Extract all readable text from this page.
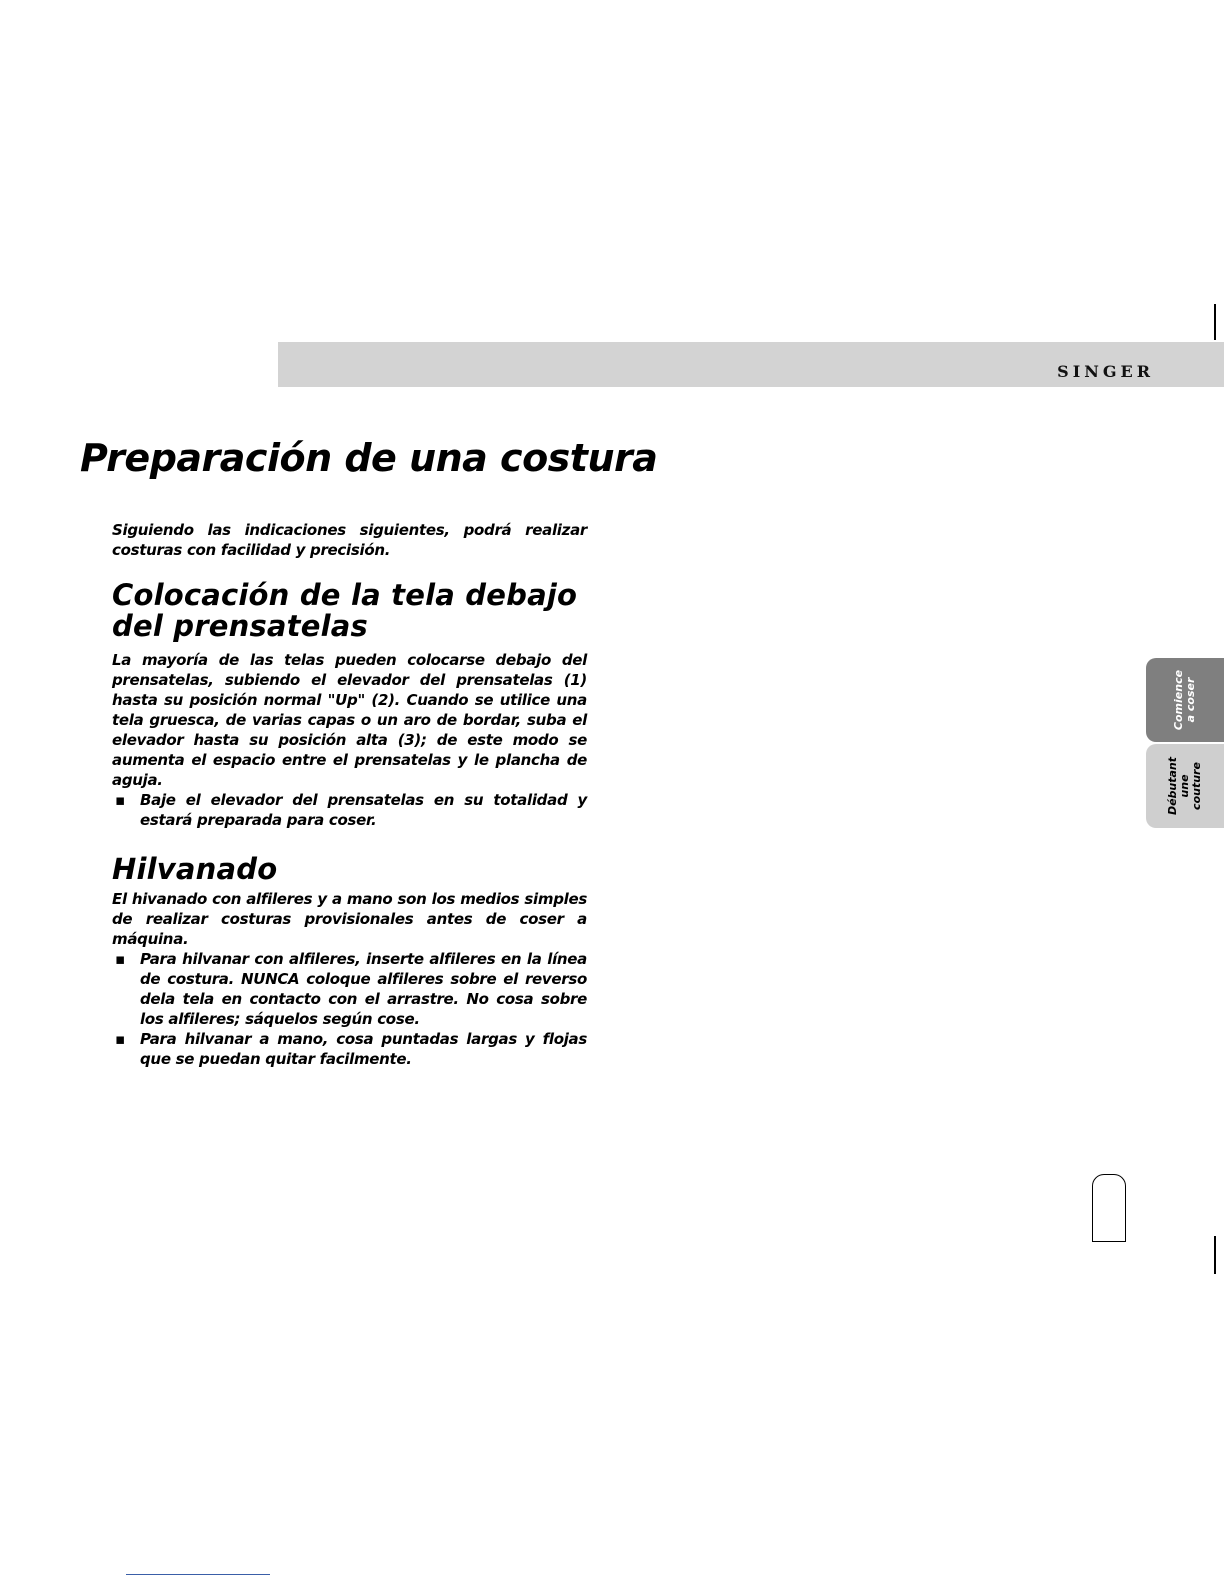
SINGER
Preparación de una costura

Siguiendo las indicaciones siguientes, podrá realizar costuras con facilidad y precisión.

Colocación de la tela debajo del prensatelas

La mayoría de las telas pueden colocarse debajo del prensatelas, subiendo el elevador del prensatelas (1) hasta su posición normal "Up" (2). Cuando se utilice una tela gruesca, de varias capas o un aro de bordar, suba el elevador hasta su posición alta (3); de este modo se aumenta el espacio entre el prensatelas y le plancha de aguja.

▪ Baje el elevador del prensatelas en su totalidad y estará preparada para coser.
Hilvanado

El hivanado con alfileres y a mano son los medios simples de realizar costuras provisionales antes de coser a máquina.

▪ Para hilvanar con alfileres, inserte alfileres en la línea de costura. NUNCA coloque alfileres sobre el reverso dela tela en contacto con el arrastre. No cosa sobre los alfileres; sáquelos según cose.
▪ Para hilvanar a mano, cosa puntadas largas y flojas que se puedan quitar facilmente.
Comience
a coser
Débutant
une
couture
